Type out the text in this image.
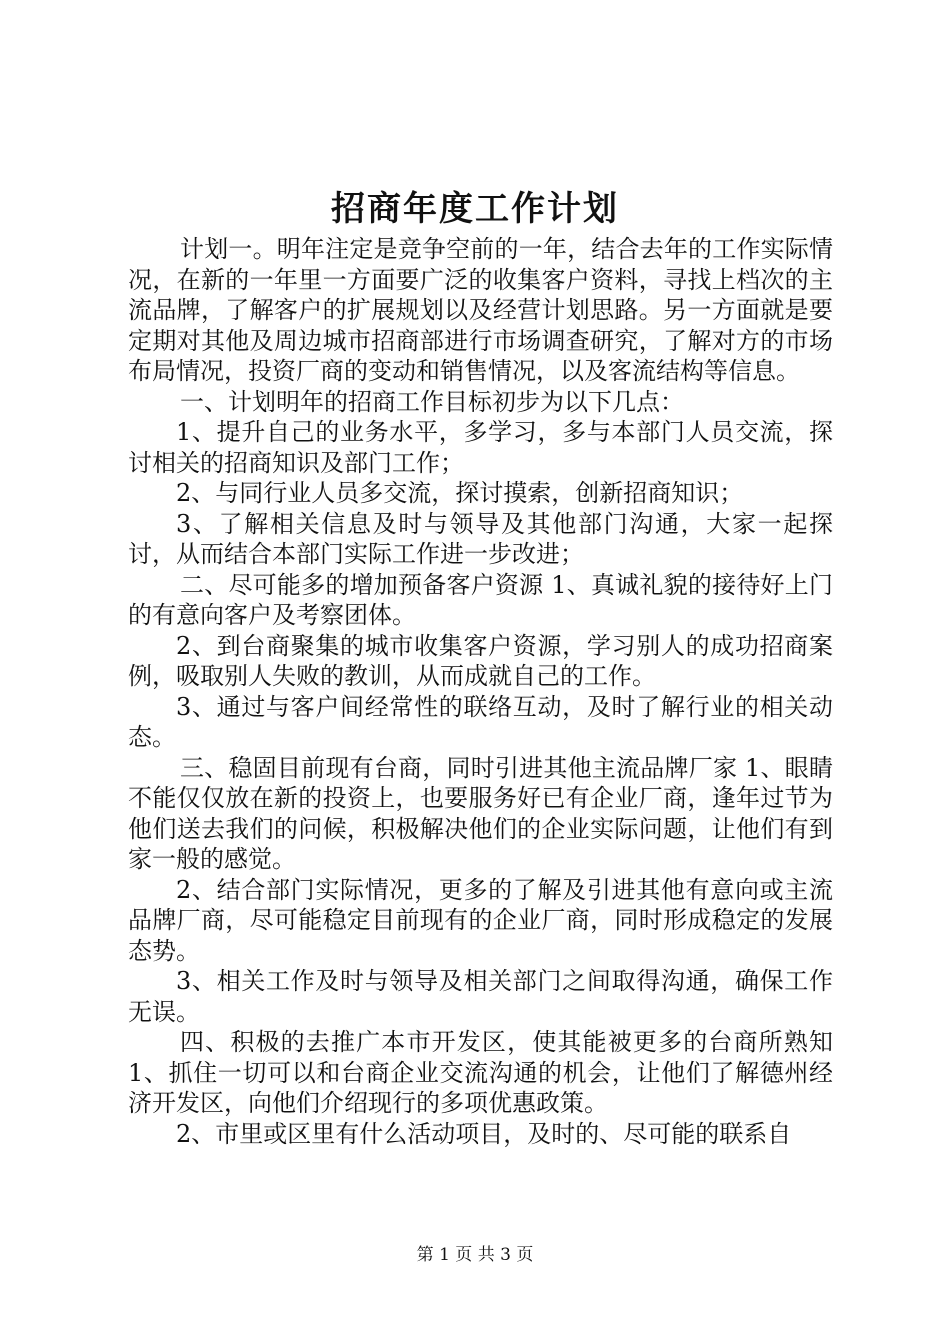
招商年度工作计划

计划一。明年注定是竞争空前的一年，结合去年的工作实际情况，在新的一年里一方面要广泛的收集客户资料，寻找上档次的主流品牌，了解客户的扩展规划以及经营计划思路。另一方面就是要定期对其他及周边城市招商部进行市场调查研究，了解对方的市场布局情况，投资厂商的变动和销售情况，以及客流结构等信息。

一、计划明年的招商工作目标初步为以下几点：

1、提升自己的业务水平，多学习，多与本部门人员交流，探讨相关的招商知识及部门工作；

2、与同行业人员多交流，探讨摸索，创新招商知识；

3、了解相关信息及时与领导及其他部门沟通，大家一起探讨，从而结合本部门实际工作进一步改进；

二、尽可能多的增加预备客户资源 1、真诚礼貌的接待好上门的有意向客户及考察团体。

2、到台商聚集的城市收集客户资源，学习别人的成功招商案例，吸取别人失败的教训，从而成就自己的工作。

3、通过与客户间经常性的联络互动，及时了解行业的相关动态。

三、稳固目前现有台商，同时引进其他主流品牌厂家 1、眼睛不能仅仅放在新的投资上，也要服务好已有企业厂商，逢年过节为他们送去我们的问候，积极解决他们的企业实际问题，让他们有到家一般的感觉。

2、结合部门实际情况，更多的了解及引进其他有意向或主流品牌厂商，尽可能稳定目前现有的企业厂商，同时形成稳定的发展态势。

3、相关工作及时与领导及相关部门之间取得沟通，确保工作无误。

四、积极的去推广本市开发区，使其能被更多的台商所熟知 1、抓住一切可以和台商企业交流沟通的机会，让他们了解德州经济开发区，向他们介绍现行的多项优惠政策。

2、市里或区里有什么活动项目，及时的、尽可能的联系自

第 1 页 共 3 页
